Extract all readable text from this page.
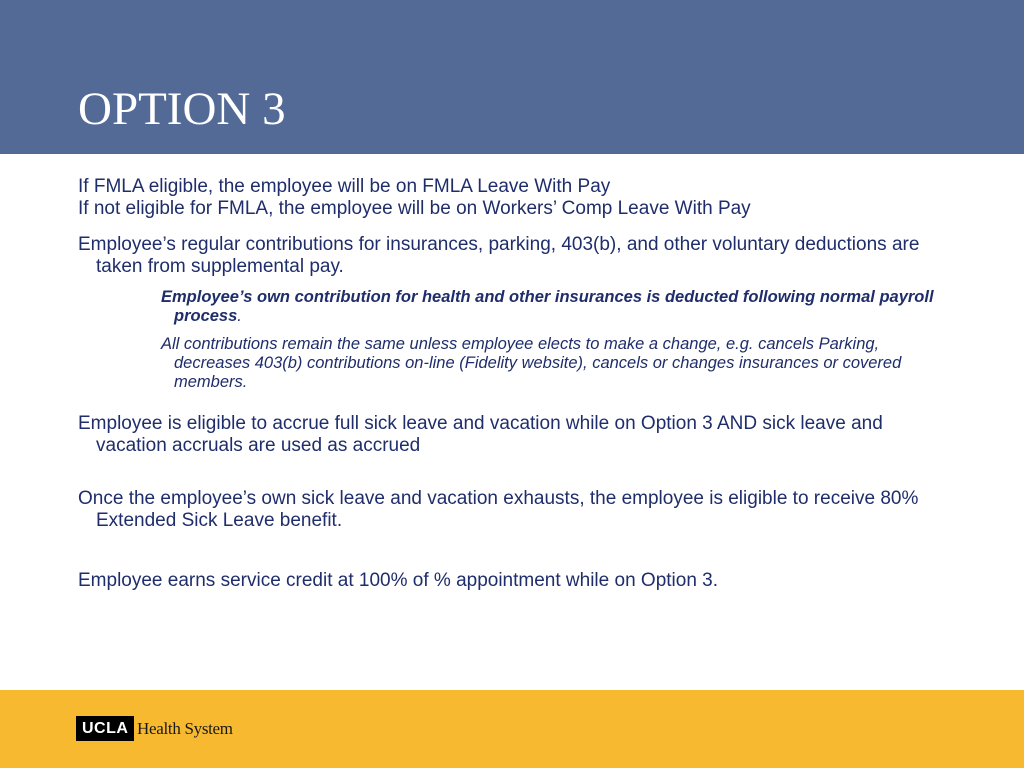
OPTION 3

If FMLA eligible, the employee will be on FMLA Leave With Pay

If not eligible for FMLA, the employee will be on Workers’ Comp Leave With Pay

Employee’s regular contributions for insurances, parking, 403(b), and other voluntary deductions are taken from supplemental pay.

Employee’s own contribution for health and other insurances is deducted following normal payroll process.

All contributions remain the same unless employee elects to make a change, e.g. cancels Parking, decreases 403(b) contributions on-line (Fidelity website), cancels or changes insurances or covered members.

Employee is eligible to accrue full sick leave and vacation while on Option 3 AND sick leave and vacation accruals are used as accrued

Once the employee’s own sick leave and vacation exhausts, the employee is eligible to receive 80% Extended Sick Leave benefit.

Employee earns service credit at 100% of % appointment while on Option 3.

UCLA Health System
